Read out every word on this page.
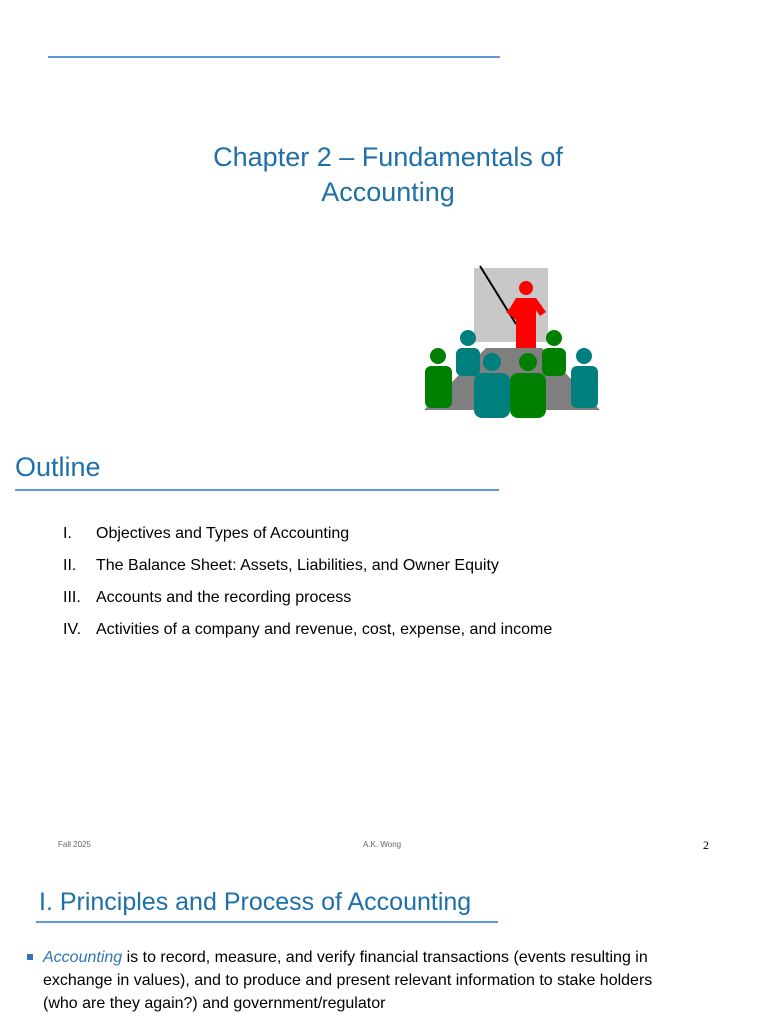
Chapter 2 – Fundamentals of Accounting
Outline
I.	Objectives and Types of Accounting
II.	The Balance Sheet: Assets, Liabilities, and Owner Equity
III. Accounts and the recording process
IV. Activities of a company and revenue, cost, expense, and income
Fall 2025	A.K. Wong	2
I. Principles and Process of Accounting
Accounting is to record, measure, and verify financial transactions (events resulting in exchange in values), and to produce and present relevant information to stake holders (who are they again?) and government/regulator
